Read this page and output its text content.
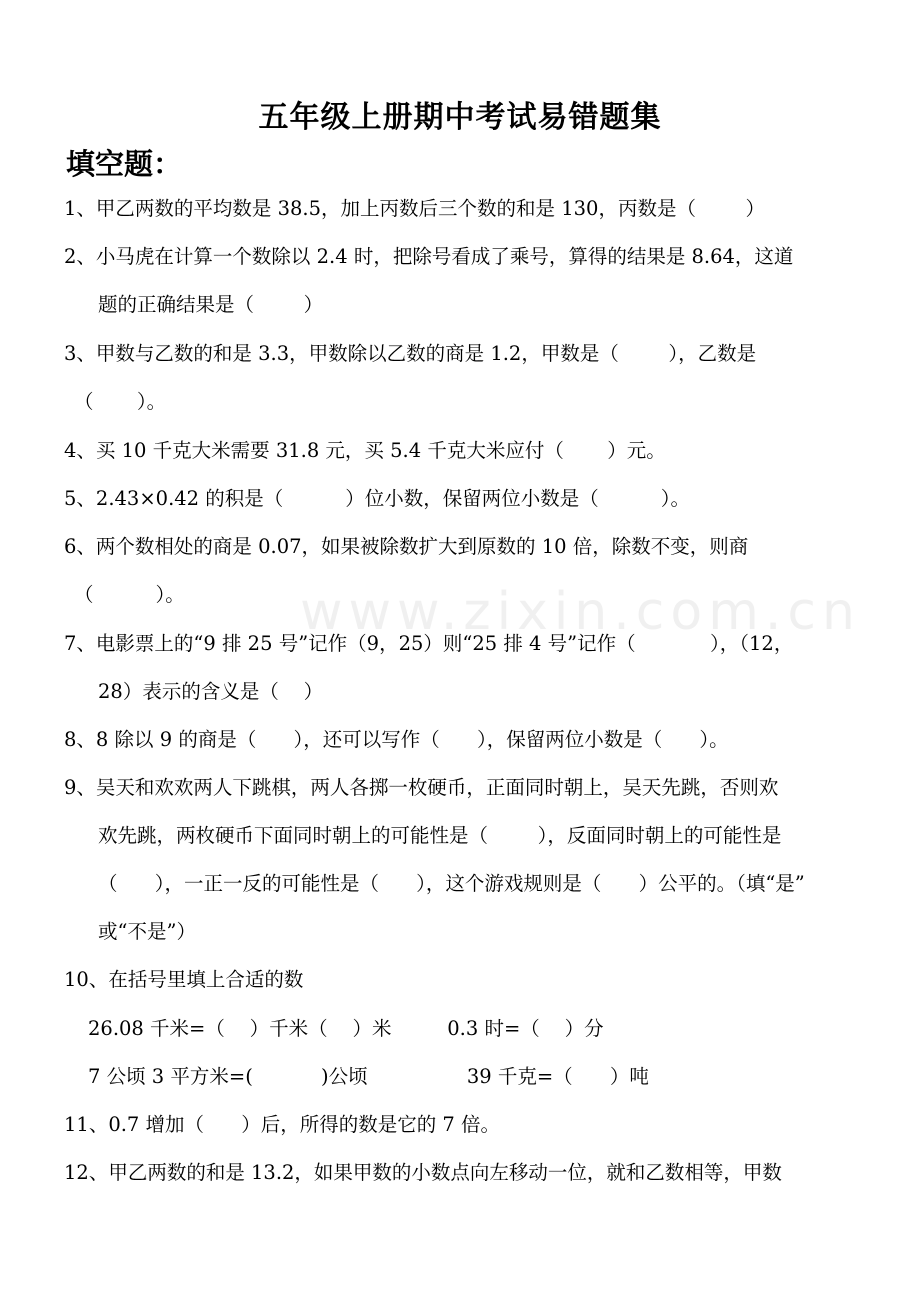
www.zixin.com.cn
五年级上册期中考试易错题集
填空题：
1、甲乙两数的平均数是 38.5，加上丙数后三个数的和是 130，丙数是（        ）
2、小马虎在计算一个数除以 2.4 时，把除号看成了乘号，算得的结果是 8.64，这道
题的正确结果是（        ）
3、甲数与乙数的和是 3.3，甲数除以乙数的商是 1.2，甲数是（        ），乙数是
（       ）。
4、买 10 千克大米需要 31.8 元，买 5.4 千克大米应付（       ）元。
5、2.43×0.42 的积是（          ）位小数，保留两位小数是（          ）。
6、两个数相处的商是 0.07，如果被除数扩大到原数的 10 倍，除数不变，则商
（          ）。
7、电影票上的“9 排 25 号”记作（9，25）则“25 排 4 号”记作（            ），（12，
28）表示的含义是（    ）
8、8 除以 9 的商是（      ），还可以写作（      ），保留两位小数是（      ）。
9、吴天和欢欢两人下跳棋，两人各掷一枚硬币，正面同时朝上，吴天先跳，否则欢
欢先跳，两枚硬币下面同时朝上的可能性是（        ），反面同时朝上的可能性是
（      ），一正一反的可能性是（      ），这个游戏规则是（      ）公平的。（填“是”
或“不是”）
10、在括号里填上合适的数
26.08 千米=（    ）千米（    ）米         0.3 时=（    ）分
7 公顷 3 平方米=(           )公顷                39 千克=（      ）吨
11、0.7 增加（      ）后，所得的数是它的 7 倍。
12、甲乙两数的和是 13.2，如果甲数的小数点向左移动一位，就和乙数相等，甲数
